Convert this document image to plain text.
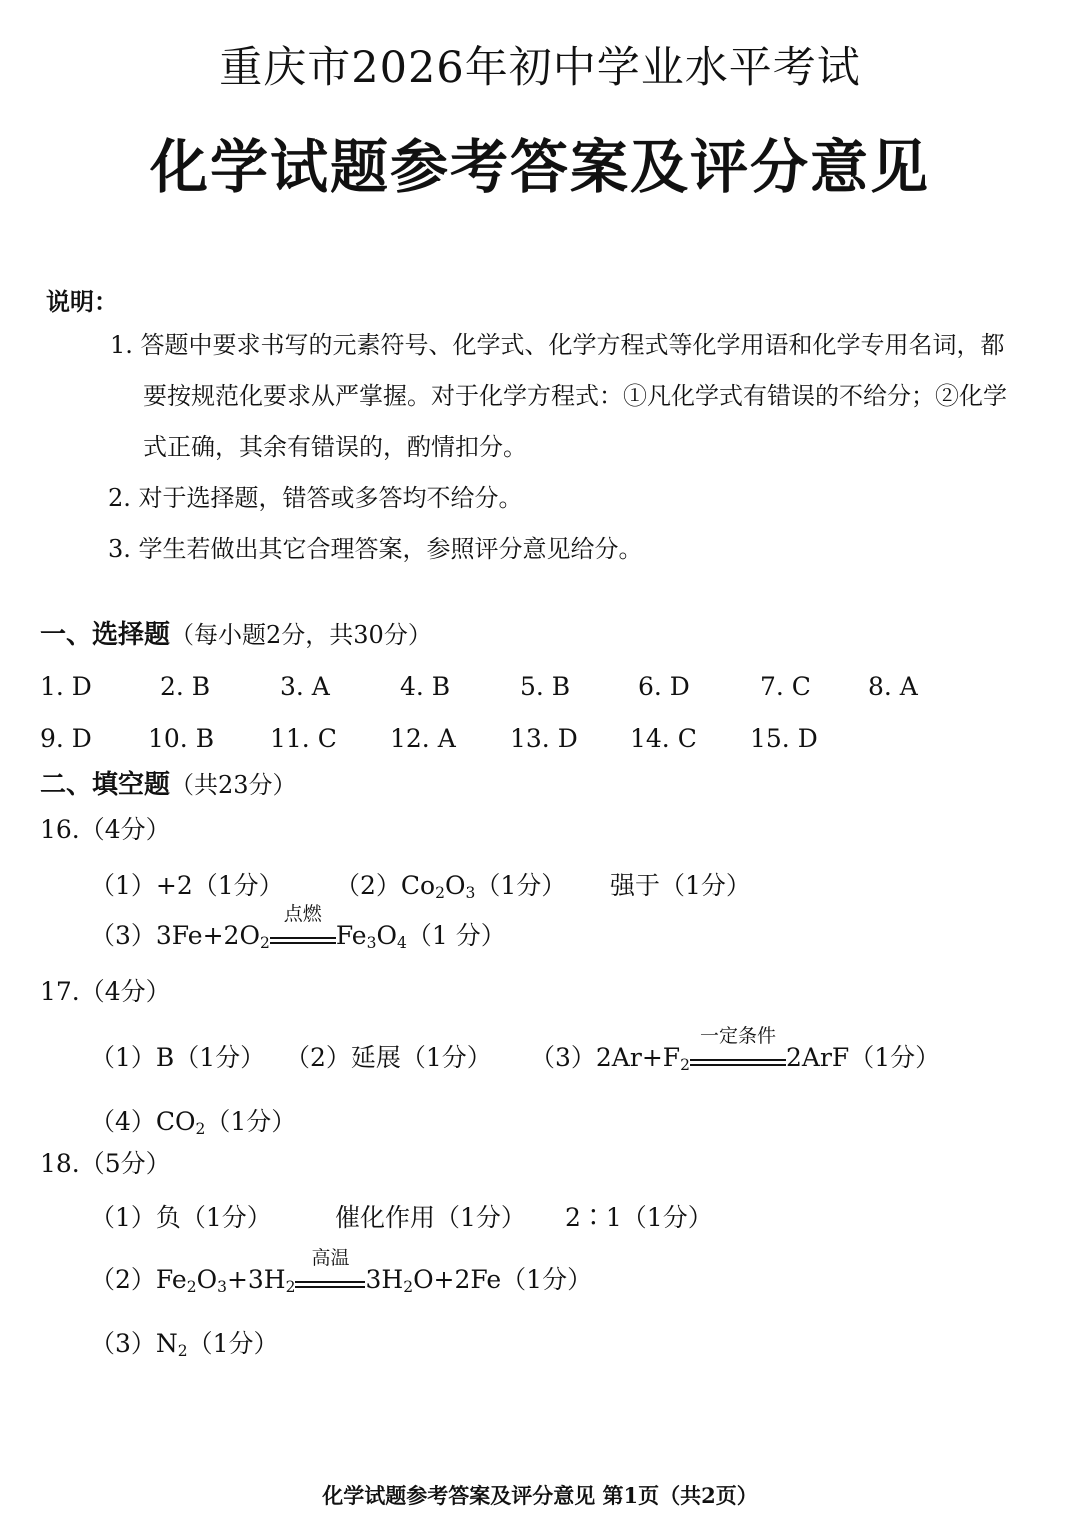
重庆市2026年初中学业水平考试
化学试题参考答案及评分意见
说明：
1. 答题中要求书写的元素符号、化学式、化学方程式等化学用语和化学专用名词，都
要按规范化要求从严掌握。对于化学方程式：①凡化学式有错误的不给分；②化学
式正确，其余有错误的，酌情扣分。
2. 对于选择题，错答或多答均不给分。
3. 学生若做出其它合理答案，参照评分意见给分。
一、选择题（每小题2分，共30分）
1. D	2. B	3. A	4. B	5. B	6. D	7. C 8. A
9. D 10. B 11. C 12. A 13. D 14. C 15. D
二、填空题（共23分）
16.（4分）
（1）+2（1分） $(2)Co_2O_3(1$分） 强于（1分）
$(3)3Fe+2O_2$
点燃
$Fe_3O_4(1$ 分）
17.（4分）
（1）B（1分） （2）延展（1分） $(3)2Ar+F_2$
一定条件
2ArF（1分）
$(4)CO_2(1$分）
18.（5分）
（1）负（1分）	催化作用（1分） 2∶1（1分）
$(2)Fe_2O_3+3H_2$
高温
$3H_2O+2Fe(1$分）
$(3)N_2(1$分）
化学试题参考答案及评分意见 第1页（共2页）
